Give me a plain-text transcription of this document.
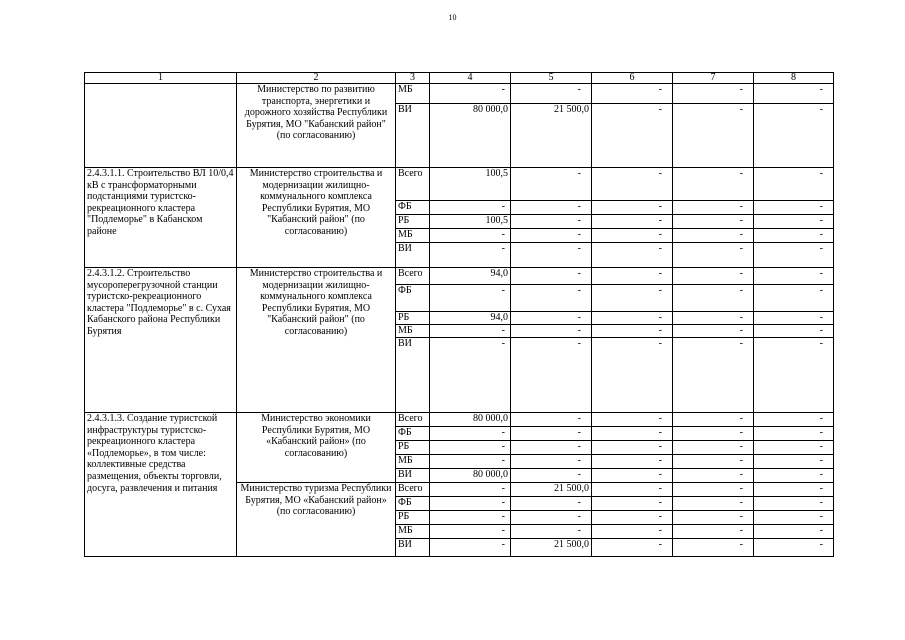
10
1	2	3	4	5	6	7	8
	Министерство по развитию транспорта, энергетики и дорожного хозяйства Республики Бурятия, МО "Кабанский район" (по согласованию)	МБ	-	-	-	-	-
		ВИ	80 000,0	21 500,0	-	-	-
2.4.3.1.1. Строительство ВЛ 10/0,4 кВ с трансформаторными подстанциями туристско-рекреационного кластера "Подлеморье" в Кабанском районе	Министерство строительства и модернизации жилищно-коммунального комплекса Республики Бурятия, МО "Кабанский район" (по согласованию)	Всего	100,5	-	-	-	-
		ФБ	-	-	-	-	-
		РБ	100,5	-	-	-	-
		МБ	-	-	-	-	-
		ВИ	-	-	-	-	-
2.4.3.1.2. Строительство мусороперегрузочной станции туристско-рекреационного кластера "Подлеморье" в с. Сухая Кабанского района Республики Бурятия	Министерство строительства и модернизации жилищно-коммунального комплекса Республики Бурятия, МО "Кабанский район" (по согласованию)	Всего	94,0	-	-	-	-
		ФБ	-	-	-	-	-
		РБ	94,0	-	-	-	-
		МБ	-	-	-	-	-
		ВИ	-	-	-	-	-
2.4.3.1.3. Создание туристской инфраструктуры туристско-рекреационного кластера «Подлеморье», в том числе: коллективные средства размещения, объекты торговли, досуга, развлечения и питания	Министерство экономики Республики Бурятия, МО «Кабанский район» (по согласованию)	Всего	80 000,0	-	-	-	-
		ФБ	-	-	-	-	-
		РБ	-	-	-	-	-
		МБ	-	-	-	-	-
		ВИ	80 000,0	-	-	-	-
	Министерство туризма Республики Бурятия, МО «Кабанский район» (по согласованию)	Всего	-	21 500,0	-	-	-
		ФБ	-	-	-	-	-
		РБ	-	-	-	-	-
		МБ	-	-	-	-	-
		ВИ	-	21 500,0	-	-	-
